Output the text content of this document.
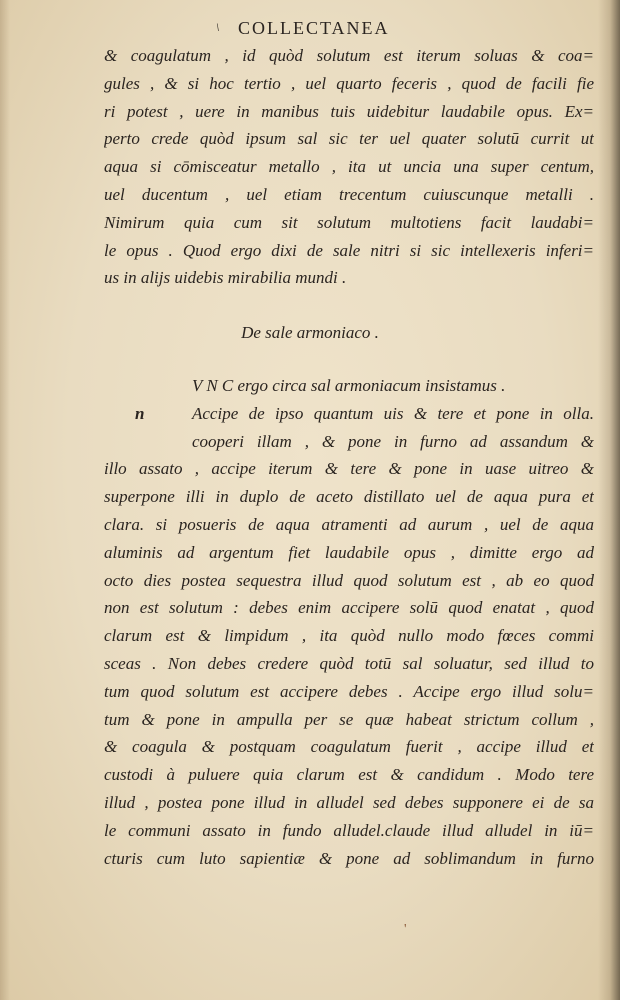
\ COLLECTANEA
& coagulatum , id quòd solutum est iterum soluas & coa=
gules , & si hoc tertio , uel quarto feceris , quod de facili fie
ri potest , uere in manibus tuis uidebitur laudabile opus. Ex=
perto crede quòd ipsum sal sic ter uel quater solutū currit ut
aqua si cōmisceatur metallo , ita ut uncia una super centum,
uel ducentum , uel etiam trecentum cuiuscunque metalli .
Nimirum quia cum sit solutum multotiens facit laudabi=
le opus . Quod ergo dixi de sale nitri si sic intellexeris inferi=
us in alijs uidebis mirabilia mundi .
De sale armoniaco .
n
V N C ergo circa sal armoniacum insistamus .
Accipe de ipso quantum uis & tere et pone in olla.
cooperi illam , & pone in furno ad assandum &
illo assato , accipe iterum & tere & pone in uase uitreo &
superpone illi in duplo de aceto distillato uel de aqua pura et
clara. si posueris de aqua atramenti ad aurum , uel de aqua
aluminis ad argentum fiet laudabile opus , dimitte ergo ad
octo dies postea sequestra illud quod solutum est , ab eo quod
non est solutum : debes enim accipere solū quod enatat , quod
clarum est & limpidum , ita quòd nullo modo fœces commi
sceas . Non debes credere quòd totū sal soluatur, sed illud to
tum quod solutum est accipere debes . Accipe ergo illud solu=
tum & pone in ampulla per se quæ habeat strictum collum ,
& coagula & postquam coagulatum fuerit , accipe illud et
custodi à puluere quia clarum est & candidum . Modo tere
illud , postea pone illud in alludel sed debes supponere ei de sa
le communi assato in fundo alludel.claude illud alludel in iū=
cturis cum luto sapientiæ & pone ad soblimandum in furno
'
